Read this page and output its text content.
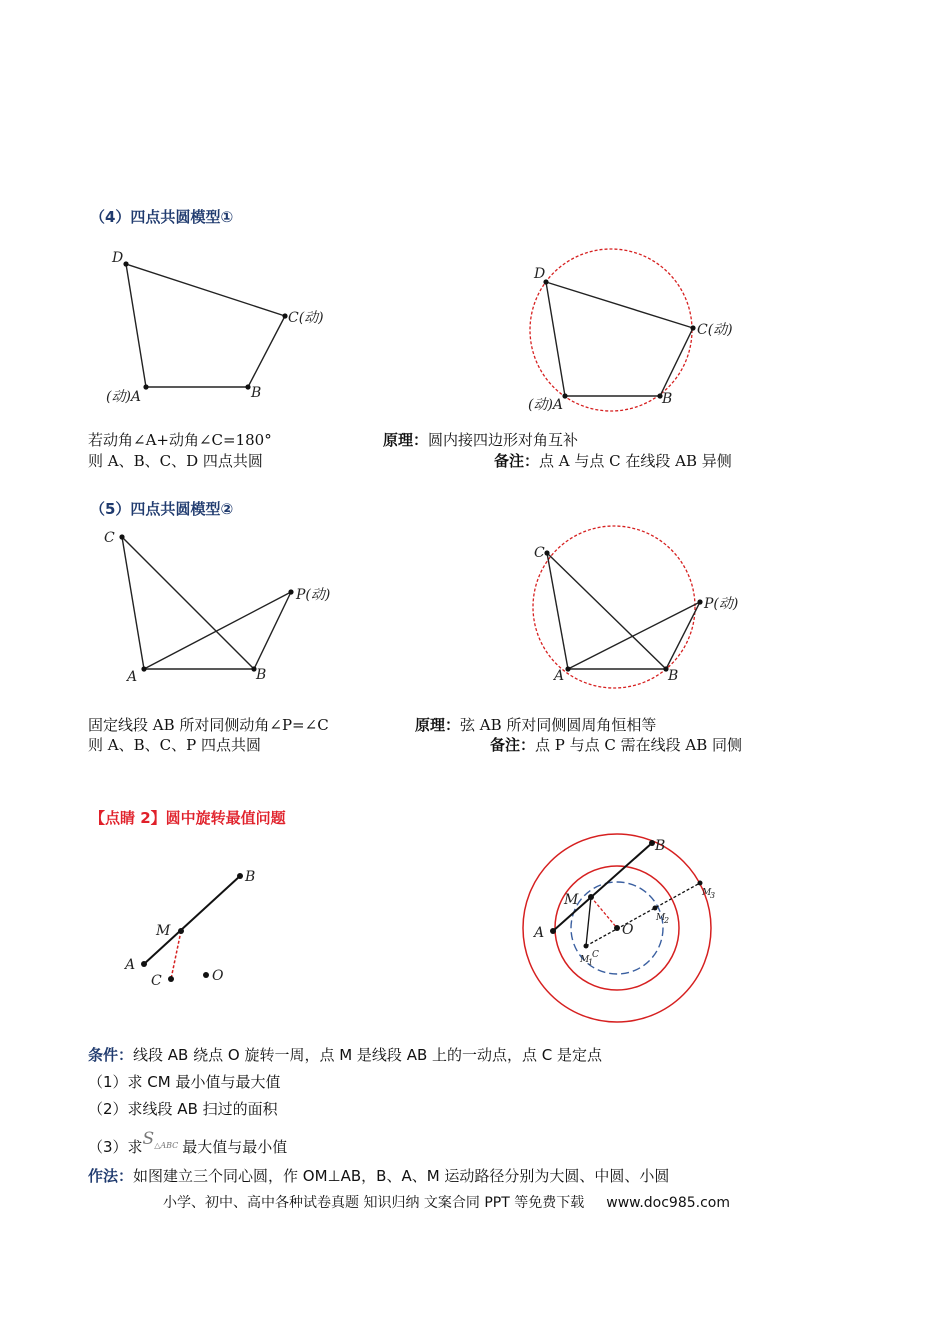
（4）四点共圆模型①
D
C(动)
(动)A	B
D
C(动)
(动)A	B
C
P(动)
A	B
C
P(动)
A	B
B
M
A
C	O
B
M
A	O
C
M
1
M
2
M
3
若动角∠A+动角∠C=180°
则 A、B、C、D 四点共圆
原理：圆内接四边形对角互补
备注：点 A 与点 C 在线段 AB 异侧
（5）四点共圆模型②
固定线段 AB 所对同侧动角∠P=∠C
则 A、B、C、P 四点共圆
原理：弦 AB 所对同侧圆周角恒相等
备注：点 P 与点 C 需在线段 AB 同侧
【点睛 2】圆中旋转最值问题
条件：线段 AB 绕点 O 旋转一周，点 M 是线段 AB 上的一动点，点 C 是定点
（1）求 CM 最小值与最大值
（2）求线段 AB 扫过的面积
（3）求$S^{\triangle ABC}$ 最大值与最小值
作法：如图建立三个同心圆，作 OM⊥AB，B、A、M 运动路径分别为大圆、中圆、小圆
小学、初中、高中各种试卷真题 知识归纳 文案合同 PPT 等免费下载 www.doc985.com
